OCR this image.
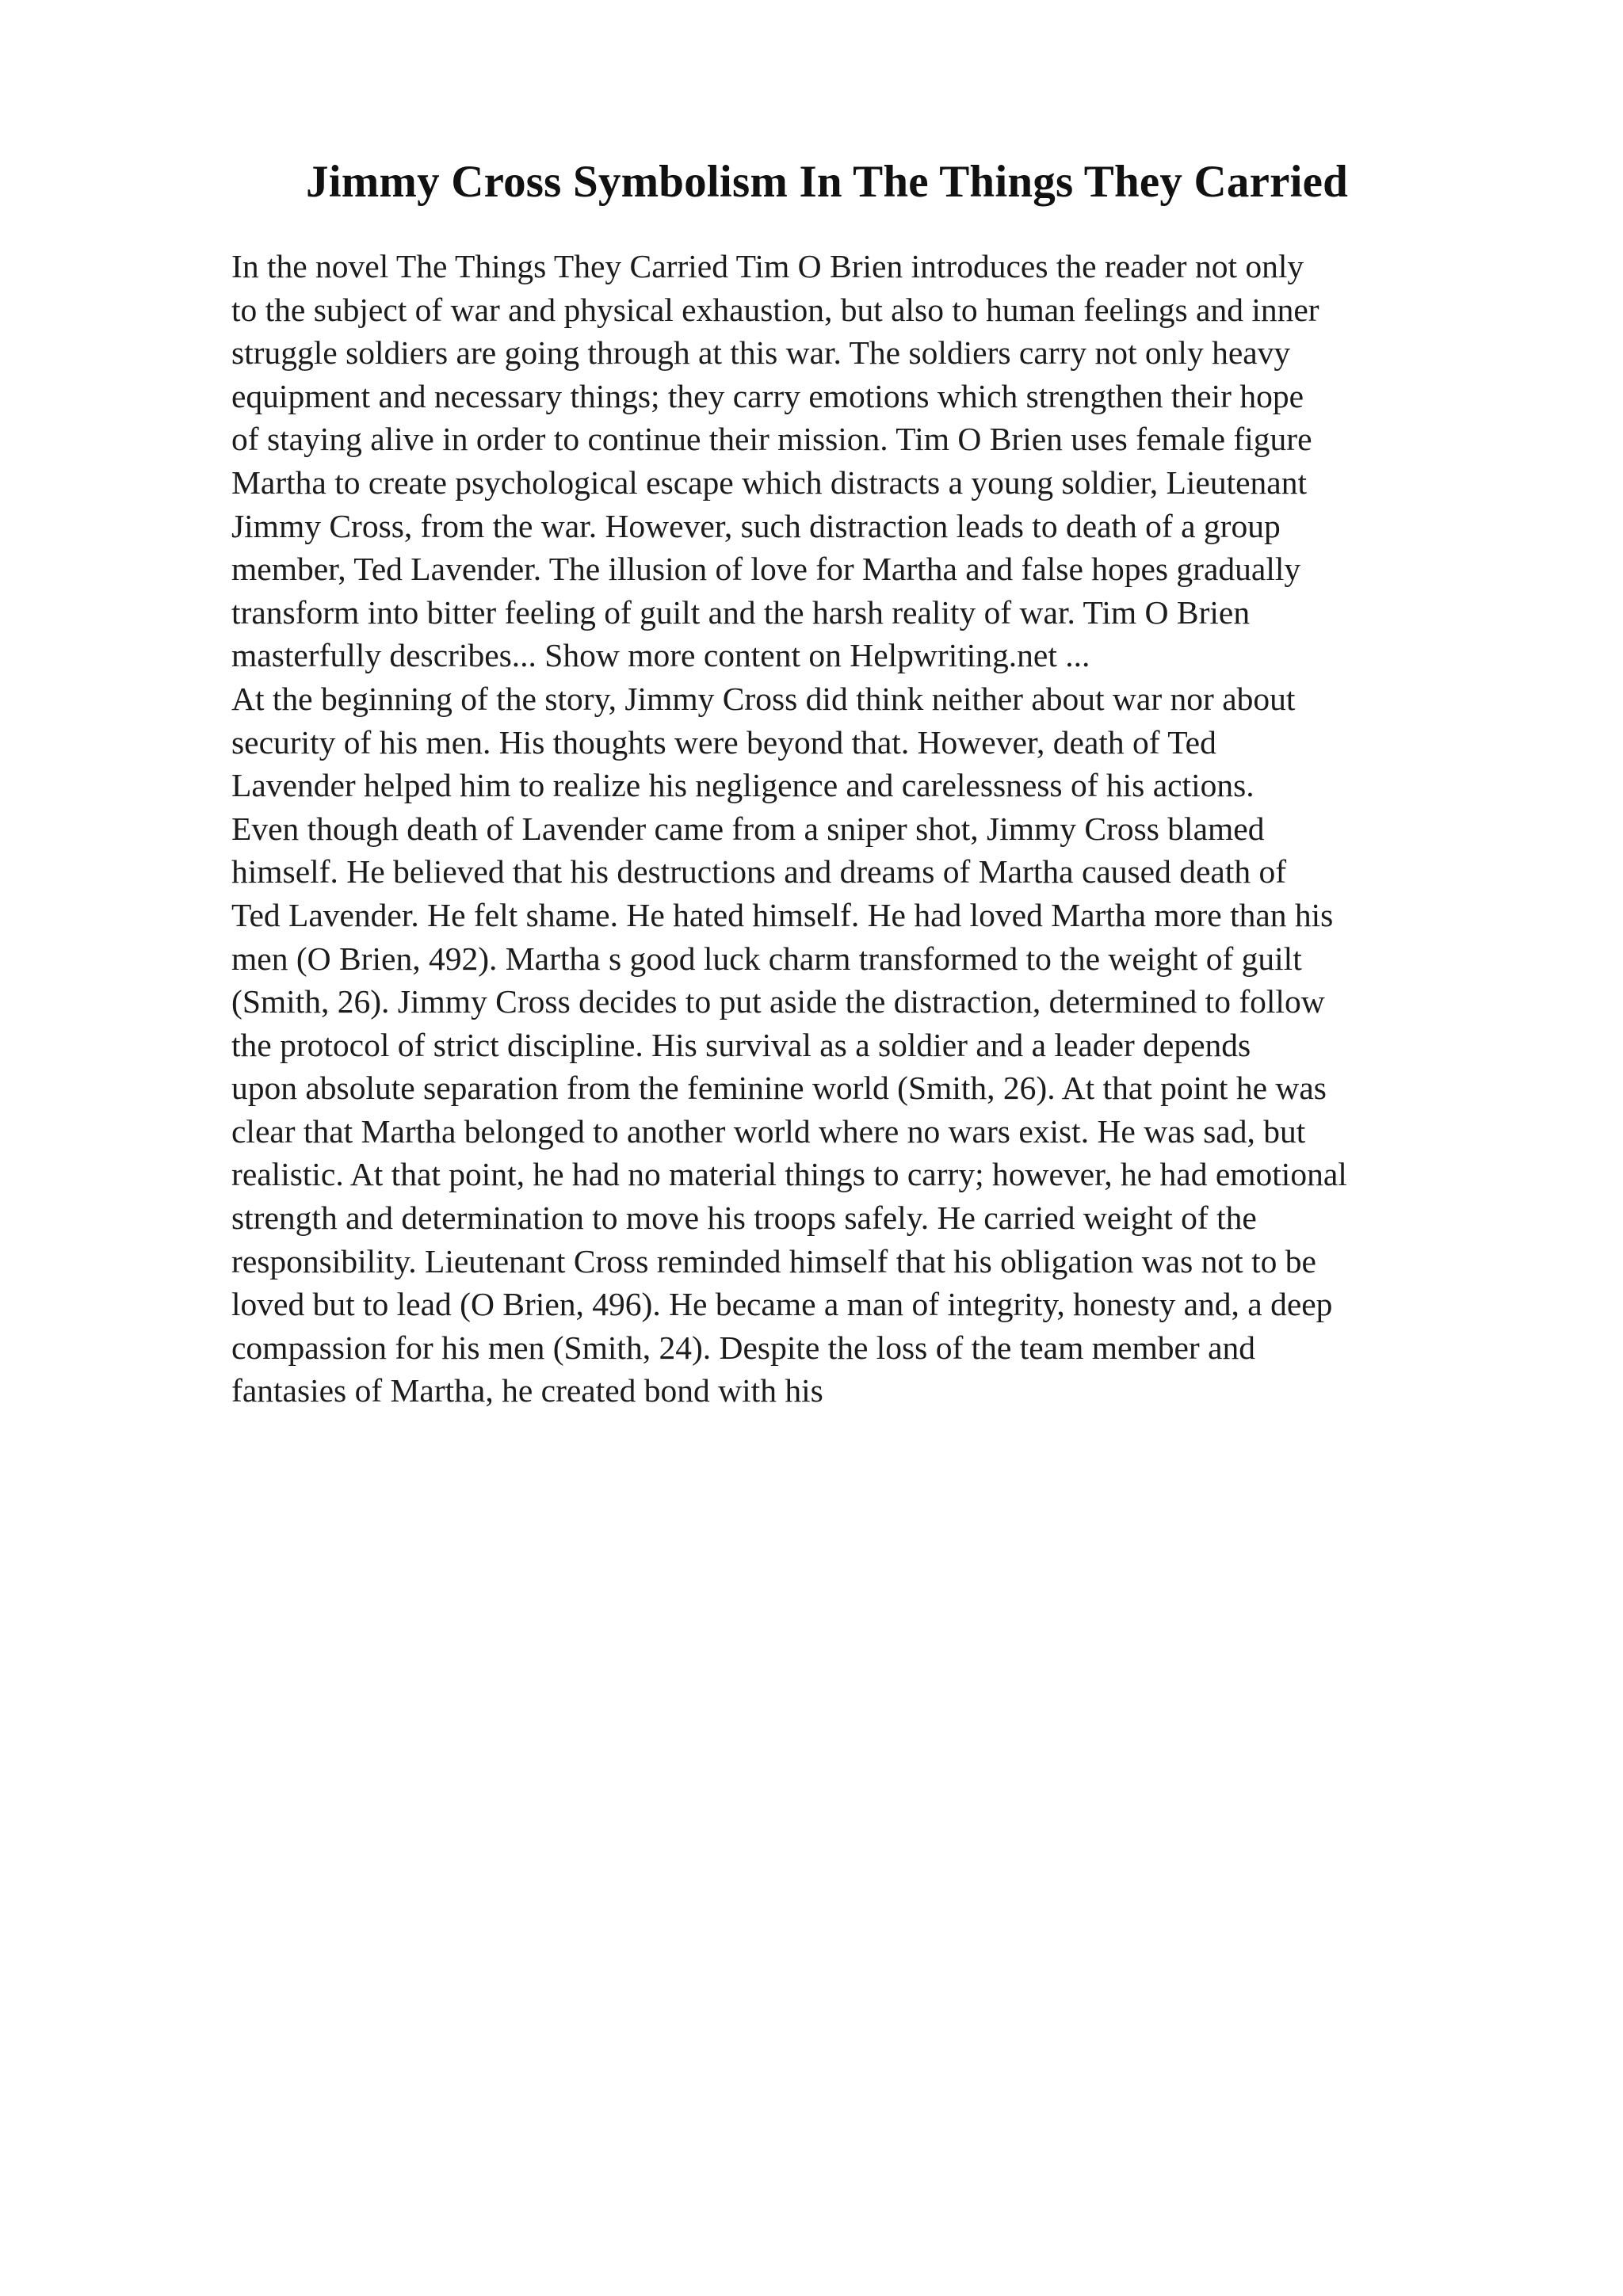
Jimmy Cross Symbolism In The Things They Carried
In the novel The Things They Carried Tim O Brien introduces the reader not only
to the subject of war and physical exhaustion, but also to human feelings and inner
struggle soldiers are going through at this war. The soldiers carry not only heavy
equipment and necessary things; they carry emotions which strengthen their hope
of staying alive in order to continue their mission. Tim O Brien uses female figure
Martha to create psychological escape which distracts a young soldier, Lieutenant
Jimmy Cross, from the war. However, such distraction leads to death of a group
member, Ted Lavender. The illusion of love for Martha and false hopes gradually
transform into bitter feeling of guilt and the harsh reality of war. Tim O Brien
masterfully describes... Show more content on Helpwriting.net ...
At the beginning of the story, Jimmy Cross did think neither about war nor about
security of his men. His thoughts were beyond that. However, death of Ted
Lavender helped him to realize his negligence and carelessness of his actions.
Even though death of Lavender came from a sniper shot, Jimmy Cross blamed
himself. He believed that his destructions and dreams of Martha caused death of
Ted Lavender. He felt shame. He hated himself. He had loved Martha more than his
men (O Brien, 492). Martha s good luck charm transformed to the weight of guilt
(Smith, 26). Jimmy Cross decides to put aside the distraction, determined to follow
the protocol of strict discipline. His survival as a soldier and a leader depends
upon absolute separation from the feminine world (Smith, 26). At that point he was
clear that Martha belonged to another world where no wars exist. He was sad, but
realistic. At that point, he had no material things to carry; however, he had emotional
strength and determination to move his troops safely. He carried weight of the
responsibility. Lieutenant Cross reminded himself that his obligation was not to be
loved but to lead (O Brien, 496). He became a man of integrity, honesty and, a deep
compassion for his men (Smith, 24). Despite the loss of the team member and
fantasies of Martha, he created bond with his
